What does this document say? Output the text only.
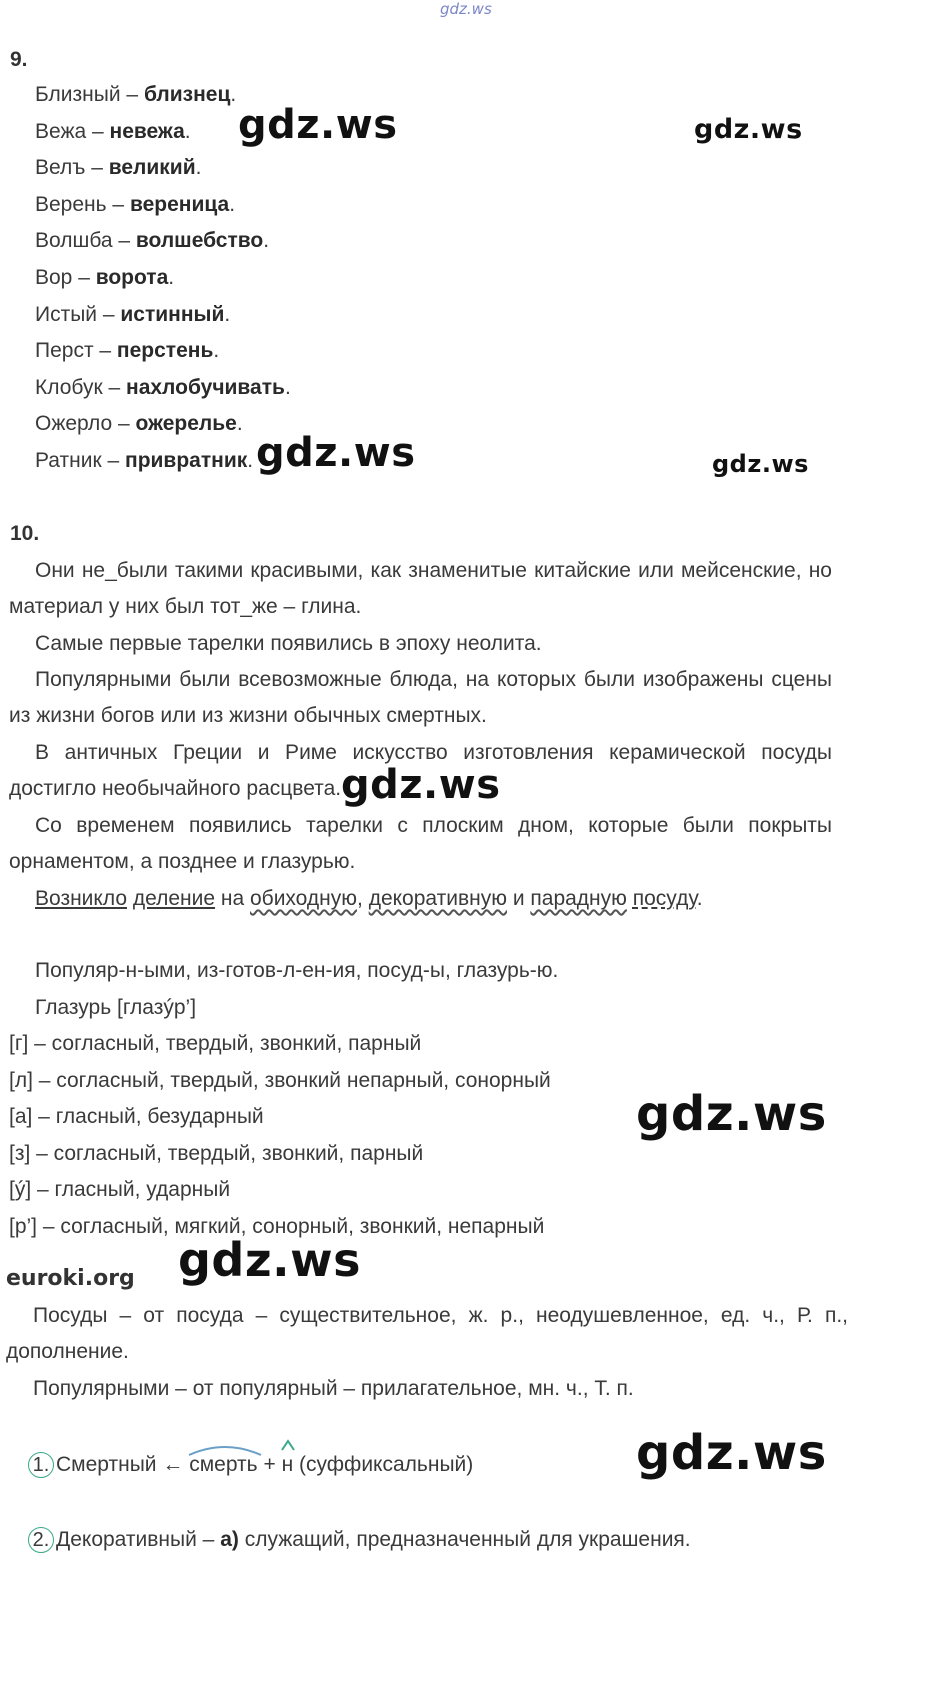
gdz.ws
9.
Близный – близнец.
Вежа – невежа.
Велъ – великий.
Верень – вереница.
Волшба – волшебство.
Вор – ворота.
Истый – истинный.
Перст – перстень.
Клобук – нахлобучивать.
Ожерло – ожерелье.
Ратник – привратник.
10.
Они не_были такими красивыми, как знаменитые китайские или мейсенские, но
материал у них был тот_же – глина.
Самые первые тарелки появились в эпоху неолита.
Популярными были всевозможные блюда, на которых были изображены сцены
из жизни богов или из жизни обычных смертных.
В античных Греции и Риме искусство изготовления керамической посуды
достигло необычайного расцвета.
Со временем появились тарелки с плоским дном, которые были покрыты
орнаментом, а позднее и глазурью.
Возникло деление на обиходную, декоративную и парадную посуду.
Популяр-н-ыми, из-готов-л-ен-ия, посуд-ы, глазурь-ю.
Глазурь [глазýр’]
[г] – согласный, твердый, звонкий, парный
[л] – согласный, твердый, звонкий непарный, сонорный
[а] – гласный, безударный
[з] – согласный, твердый, звонкий, парный
[ý] – гласный, ударный
[р’] – согласный, мягкий, сонорный, звонкий, непарный
euroki.org
Посуды – от посуда – существительное, ж. р., неодушевленное, ед. ч., Р. п.,
дополнение.
Популярными – от популярный – прилагательное, мн. ч., Т. п.
1. Смертный ←
смерть +
н (суффиксальный)
2. Декоративный – а) служащий, предназначенный для украшения.
gdz.ws	gdz.ws
gdz.ws	gdz.ws
gdz.ws
gdz.ws
gdz.ws
gdz.ws
